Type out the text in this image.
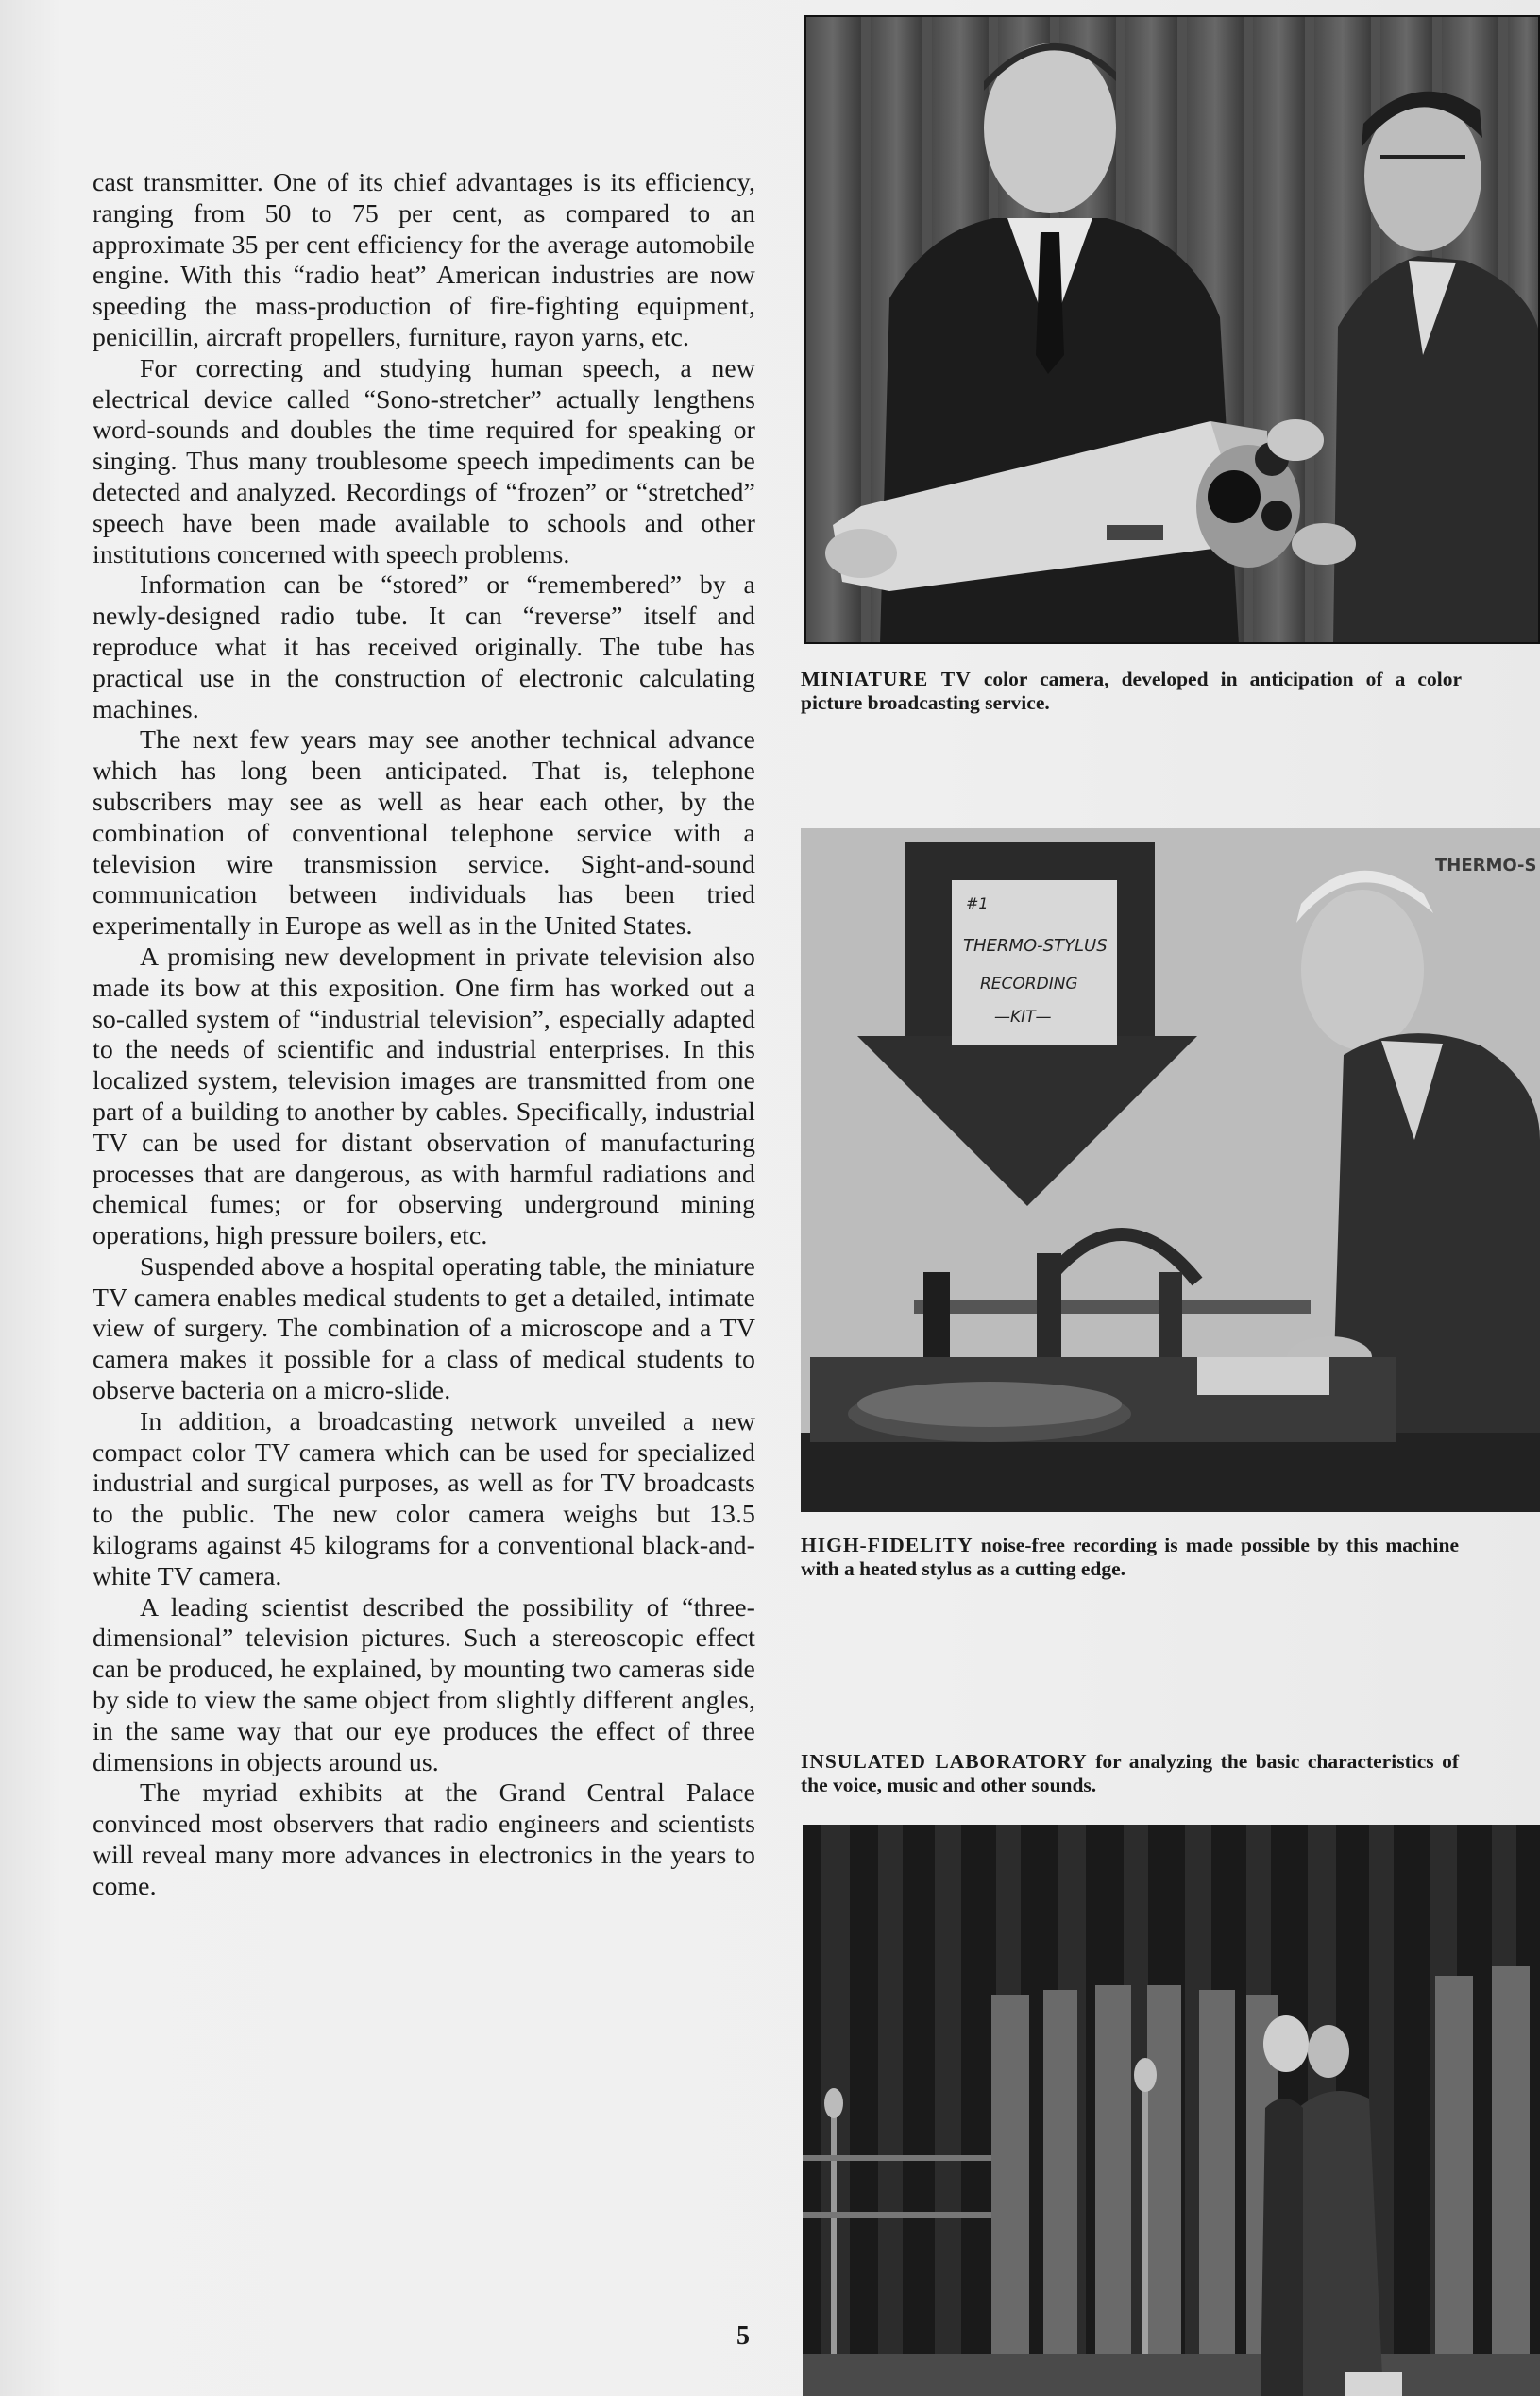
cast transmitter. One of its chief advantages is its efficiency, ranging from 50 to 75 per cent, as compared to an approximate 35 per cent efficiency for the average automobile engine. With this “radio heat” American industries are now speeding the mass-production of fire-fighting equipment, penicillin, aircraft propellers, furniture, rayon yarns, etc.

For correcting and studying human speech, a new electrical device called “Sono-stretcher” actually lengthens word-sounds and doubles the time required for speaking or singing. Thus many troublesome speech impediments can be detected and analyzed. Recordings of “frozen” or “stretched” speech have been made available to schools and other institutions concerned with speech problems.

Information can be “stored” or “remembered” by a newly-designed radio tube. It can “reverse” itself and reproduce what it has received originally. The tube has practical use in the construction of electronic calculating machines.

The next few years may see another technical advance which has long been anticipated. That is, telephone subscribers may see as well as hear each other, by the combination of conventional telephone service with a television wire transmission service. Sight-and-sound communication between individuals has been tried experimentally in Europe as well as in the United States.

A promising new development in private television also made its bow at this exposition. One firm has worked out a so-called system of “industrial television”, especially adapted to the needs of scientific and industrial enterprises. In this localized system, television images are transmitted from one part of a building to another by cables. Specifically, industrial TV can be used for distant observation of manufacturing processes that are dangerous, as with harmful radiations and chemical fumes; or for observing underground mining operations, high pressure boilers, etc.

Suspended above a hospital operating table, the miniature TV camera enables medical students to get a detailed, intimate view of surgery. The combination of a microscope and a TV camera makes it possible for a class of medical students to observe bacteria on a micro-slide.

In addition, a broadcasting network unveiled a new compact color TV camera which can be used for specialized industrial and surgical purposes, as well as for TV broadcasts to the public. The new color camera weighs but 13.5 kilograms against 45 kilograms for a conventional black-and-white TV camera.

A leading scientist described the possibility of “three-dimensional” television pictures. Such a stereoscopic effect can be produced, he explained, by mounting two cameras side by side to view the same object from slightly different angles, in the same way that our eye produces the effect of three dimensions in objects around us.

The myriad exhibits at the Grand Central Palace convinced most observers that radio engineers and scientists will reveal many more advances in electronics in the years to come.

5
MINIATURE TV color camera, developed in anticipation of a color picture broadcasting service.
#1
THERMO-STYLUS
RECORDING
—KIT—
THERMO-S
HIGH-FIDELITY noise-free recording is made possible by this machine with a heated stylus as a cutting edge.
INSULATED LABORATORY for analyzing the basic characteristics of the voice, music and other sounds.
